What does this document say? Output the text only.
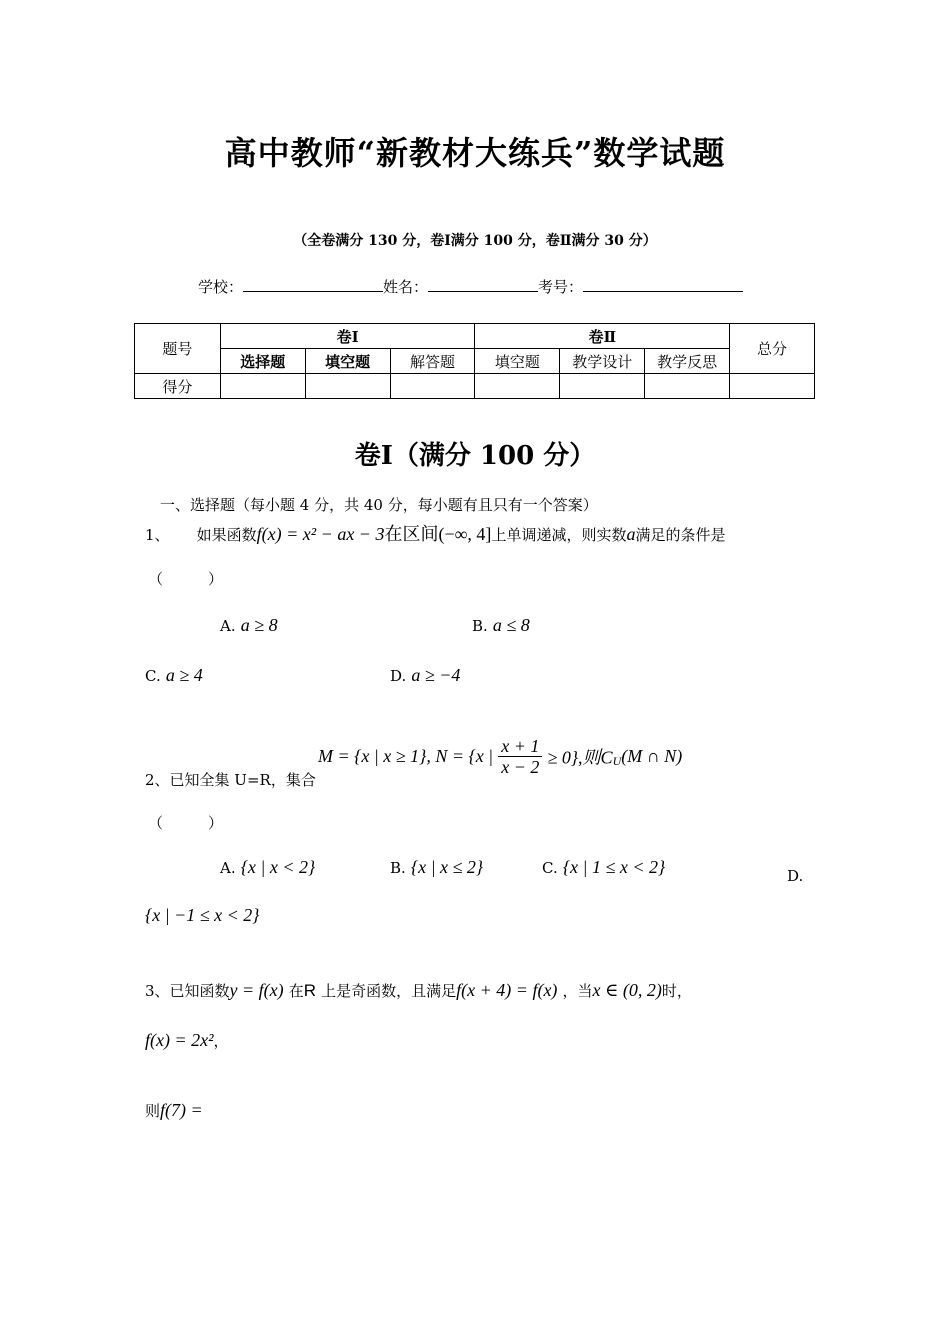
高中教师“新教材大练兵”数学试题
（全卷满分 130 分，卷Ⅰ满分 100 分，卷Ⅱ满分 30 分）
学校：	姓名：	考号：
题号	卷Ⅰ			卷Ⅱ			总分
	选择题	填空题	解答题	填空题	教学设计	教学反思	
得分							
卷Ⅰ（满分 100 分）
一、选择题（每小题 4 分，共 40 分，每小题有且只有一个答案）
1、 如果函数f(x) = x² − ax − 3在区间(−∞, 4]上单调递减，则实数a满足的条件是
（　　　）
A. a ≥ 8	B. a ≤ 8
C. a ≥ 4	D. a ≥ −4
2、已知全集 U=R，集合
M = {x | x ≥ 1}, N = {x | $\frac{x + 1}{x - 2} \ge 0$},则$C_U(M$ ∩ N)
（　　　）
A. {x | x < 2}	B. {x | x ≤ 2}	C. {x | 1 ≤ x < 2}	D.
{x | −1 ≤ x < 2}
3、已知函数y = f(x) 在R 上是奇函数，且满足f(x + 4) = f(x) ，当x ∈ (0, 2)时，
f(x) = 2x²，
则f(7) =
